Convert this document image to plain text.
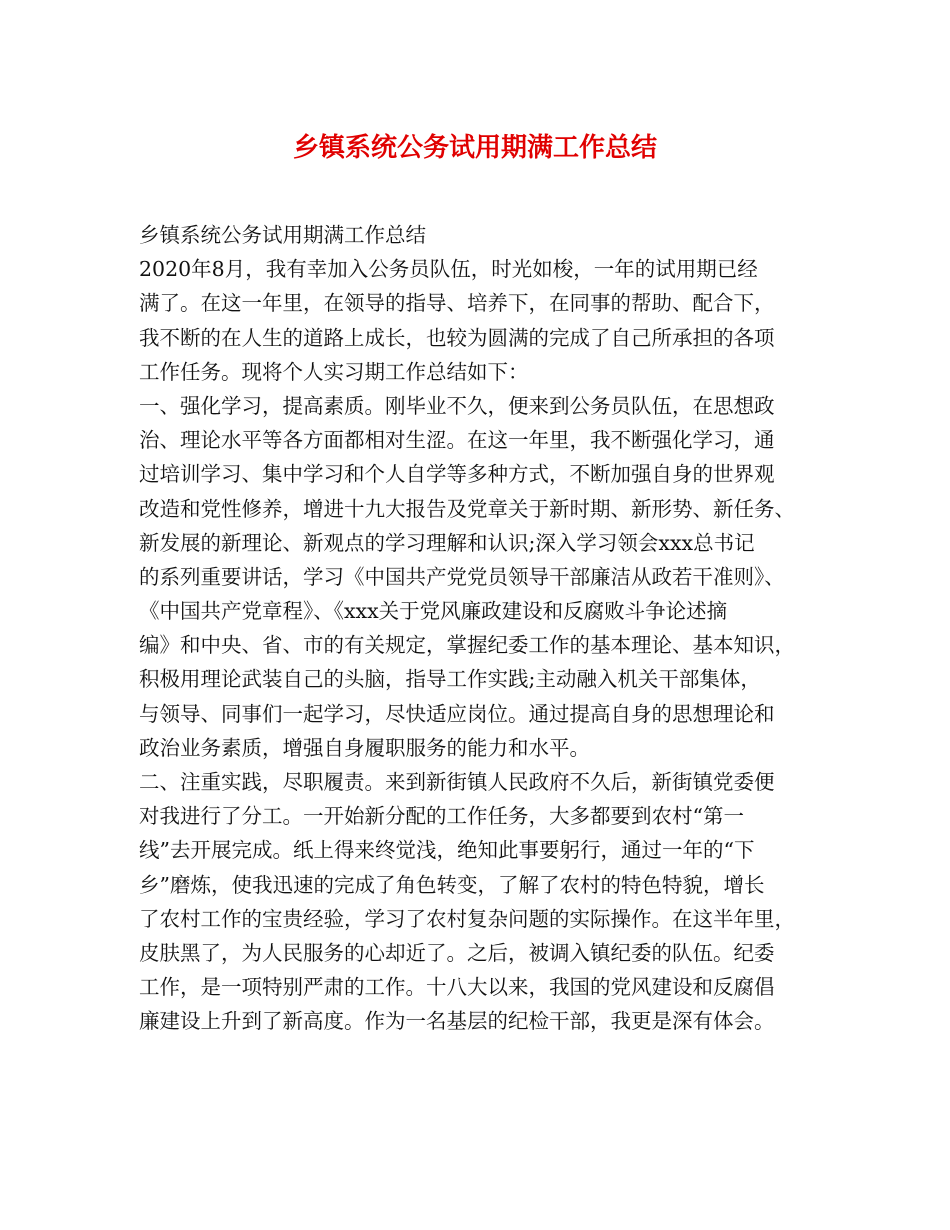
乡镇系统公务试用期满工作总结
乡镇系统公务试用期满工作总结
2020年8月，我有幸加入公务员队伍，时光如梭，一年的试用期已经
满了。在这一年里，在领导的指导、培养下，在同事的帮助、配合下，
我不断的在人生的道路上成长，也较为圆满的完成了自己所承担的各项
工作任务。现将个人实习期工作总结如下：
一、强化学习，提高素质。刚毕业不久，便来到公务员队伍，在思想政
治、理论水平等各方面都相对生涩。在这一年里，我不断强化学习，通
过培训学习、集中学习和个人自学等多种方式，不断加强自身的世界观
改造和党性修养，增进十九大报告及党章关于新时期、新形势、新任务、
新发展的新理论、新观点的学习理解和认识;深入学习领会xxx总书记
的系列重要讲话，学习《中国共产党党员领导干部廉洁从政若干准则》、
《中国共产党章程》、《xxx关于党风廉政建设和反腐败斗争论述摘
编》和中央、省、市的有关规定，掌握纪委工作的基本理论、基本知识，
积极用理论武装自己的头脑，指导工作实践;主动融入机关干部集体，
与领导、同事们一起学习，尽快适应岗位。通过提高自身的思想理论和
政治业务素质，增强自身履职服务的能力和水平。
二、注重实践，尽职履责。来到新街镇人民政府不久后，新街镇党委便
对我进行了分工。一开始新分配的工作任务，大多都要到农村“第一
线”去开展完成。纸上得来终觉浅，绝知此事要躬行，通过一年的“下
乡”磨炼，使我迅速的完成了角色转变，了解了农村的特色特貌，增长
了农村工作的宝贵经验，学习了农村复杂问题的实际操作。在这半年里，
皮肤黑了，为人民服务的心却近了。之后，被调入镇纪委的队伍。纪委
工作，是一项特别严肃的工作。十八大以来，我国的党风建设和反腐倡
廉建设上升到了新高度。作为一名基层的纪检干部，我更是深有体会。
